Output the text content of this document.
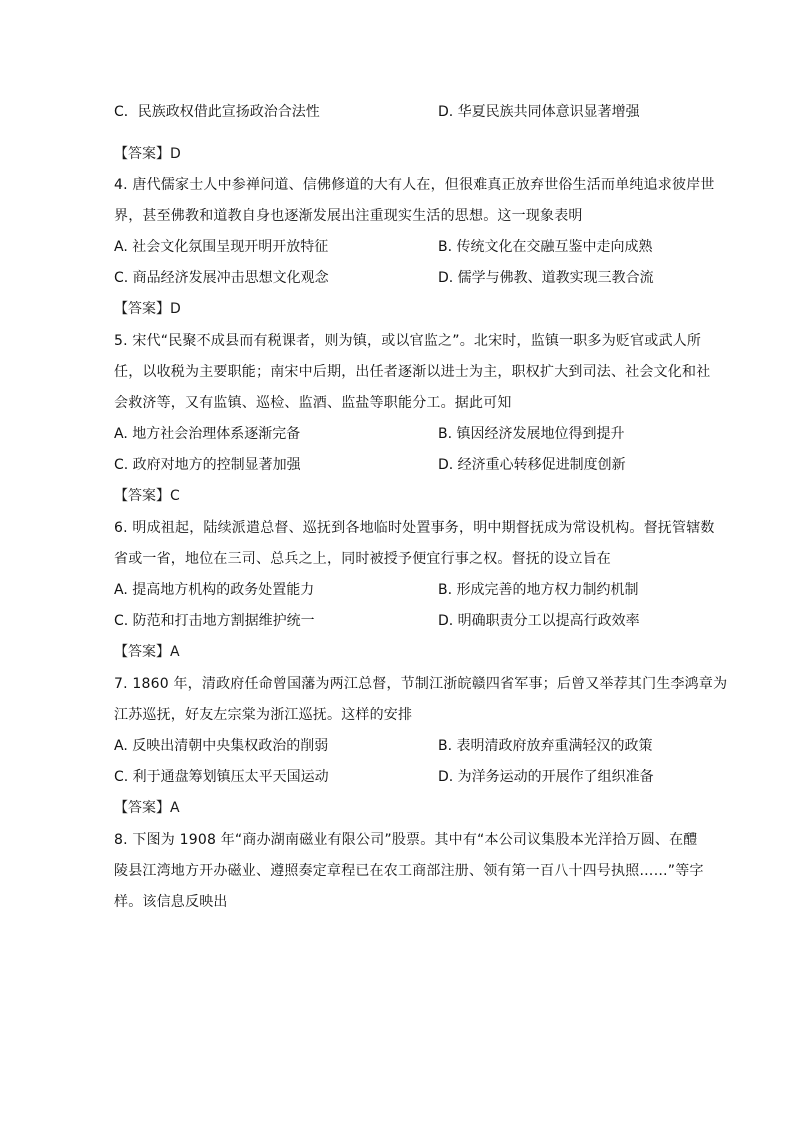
C．民族政权借此宣扬政治合法性	D. 华夏民族共同体意识显著增强
【答案】D
4. 唐代儒家士人中参禅问道、信佛修道的大有人在，但很难真正放弃世俗生活而单纯追求彼岸世
界，甚至佛教和道教自身也逐渐发展出注重现实生活的思想。这一现象表明
A. 社会文化氛围呈现开明开放特征	B. 传统文化在交融互鉴中走向成熟
C. 商品经济发展冲击思想文化观念	D. 儒学与佛教、道教实现三教合流
【答案】D
5. 宋代“民聚不成县而有税课者，则为镇，或以官监之”。北宋时，监镇一职多为贬官或武人所
任，以收税为主要职能；南宋中后期，出任者逐渐以进士为主，职权扩大到司法、社会文化和社
会救济等，又有监镇、巡检、监酒、监盐等职能分工。据此可知
A. 地方社会治理体系逐渐完备	B. 镇因经济发展地位得到提升
C. 政府对地方的控制显著加强	D. 经济重心转移促进制度创新
【答案】C
6. 明成祖起，陆续派遣总督、巡抚到各地临时处置事务，明中期督抚成为常设机构。督抚管辖数
省或一省，地位在三司、总兵之上，同时被授予便宜行事之权。督抚的设立旨在
A. 提高地方机构的政务处置能力	B. 形成完善的地方权力制约机制
C. 防范和打击地方割据维护统一	D. 明确职责分工以提高行政效率
【答案】A
7. 1860 年，清政府任命曾国藩为两江总督，节制江浙皖赣四省军事；后曾又举荐其门生李鸿章为
江苏巡抚，好友左宗棠为浙江巡抚。这样的安排
A. 反映出清朝中央集权政治的削弱	B. 表明清政府放弃重满轻汉的政策
C. 利于通盘筹划镇压太平天国运动	D. 为洋务运动的开展作了组织准备
【答案】A
8. 下图为 1908 年“商办湖南磁业有限公司”股票。其中有“本公司议集股本光洋拾万圆、在醴
陵县江湾地方开办磁业、遵照奏定章程已在农工商部注册、领有第一百八十四号执照……”等字
样。该信息反映出
